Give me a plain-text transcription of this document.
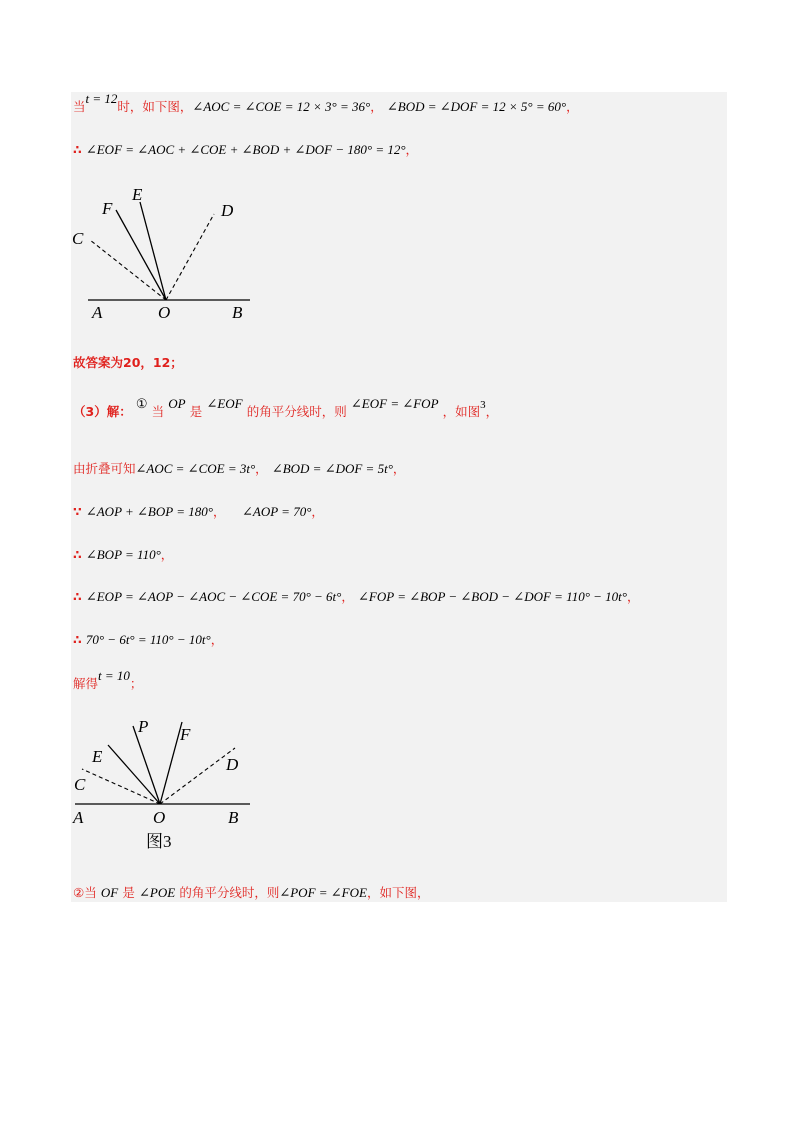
当t = 12时，如下图，∠AOC = ∠COE = 12 × 3° = 36°， ∠BOD = ∠DOF = 12 × 5° = 60°，
∴ ∠EOF = ∠AOC + ∠COE + ∠BOD + ∠DOF − 180° = 12°，
C
F
E
D
A	O	B
故答案为20，12；
（3）解： ① 当 OP 是 ∠EOF 的角平分线时，则 ∠EOF = ∠FOP ，如图$^3$，
由折叠可知∠AOC = ∠COE = 3t°， ∠BOD = ∠DOF = 5t°，
∵ ∠AOP + ∠BOP = 180°， ∠AOP = 70°，
∴ ∠BOP = 110°，
∴ ∠EOP = ∠AOP − ∠AOC − ∠COE = 70° − 6t°， ∠FOP = ∠BOP − ∠BOD − ∠DOF = 110° − 10t°，
∴ 70° − 6t° = 110° − 10t°，
解得t = 10；
P F
E	D
C
A	O	B
图3
②当 OF 是 ∠POE 的角平分线时，则∠POF = ∠FOE，如下图，
